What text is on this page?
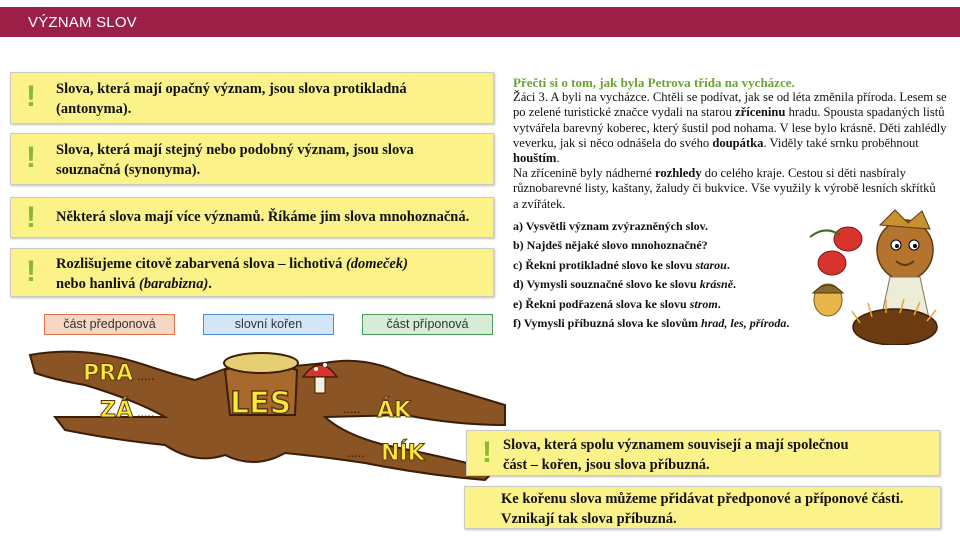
VÝZNAM SLOV
! Slova, která mají opačný význam, jsou slova protikladná
(antonyma).
! Slova, která mají stejný nebo podobný význam, jsou slova
souznačná (synonyma).
! Některá slova mají více významů. Říkáme jim slova mnohoznačná.
! Rozlišujeme citově zabarvená slova – lichotivá (domeček)
nebo hanlivá (barabizna).
část předponová	slovní kořen	část příponová
Přečti si o tom, jak byla Petrova třída na vycházce.

Žáci 3. A byli na vycházce. Chtěli se podívat, jak se od léta změnila příroda. Lesem se po zelené turistické značce vydali na starou zříceninu hradu. Spousta spadaných listů vytvářela barevný koberec, který šustil pod nohama. V lese bylo krásně. Děti zahlédly veverku, jak si něco odnášela do svého doupátka. Viděly také srnku proběhnout houštím.

Na zřícenině byly nádherné rozhledy do celého kraje. Cestou si děti nasbíraly různobarevné listy, kaštany, žaludy či bukvice. Vše využily k výrobě lesních skřítků a zvířátek.

a) Vysvětli význam zvýrazněných slov.
b) Najdeš nějaké slovo mnohoznačné?
c) Řekni protikladné slovo ke slovu starou.
d) Vymysli souznačné slovo ke slovu krásně.
e) Řekni podřazená slova ke slovu strom.
f) Vymysli příbuzná slova ke slovům hrad, les, příroda.
PRA .....
ZÁ .....	LES	..... ÁK
..... NÍK ! Slova, která spolu významem souvisejí a mají společnou
část – kořen, jsou slova příbuzná.
Ke kořenu slova můžeme přidávat předponové a příponové části.
Vznikají tak slova příbuzná.
